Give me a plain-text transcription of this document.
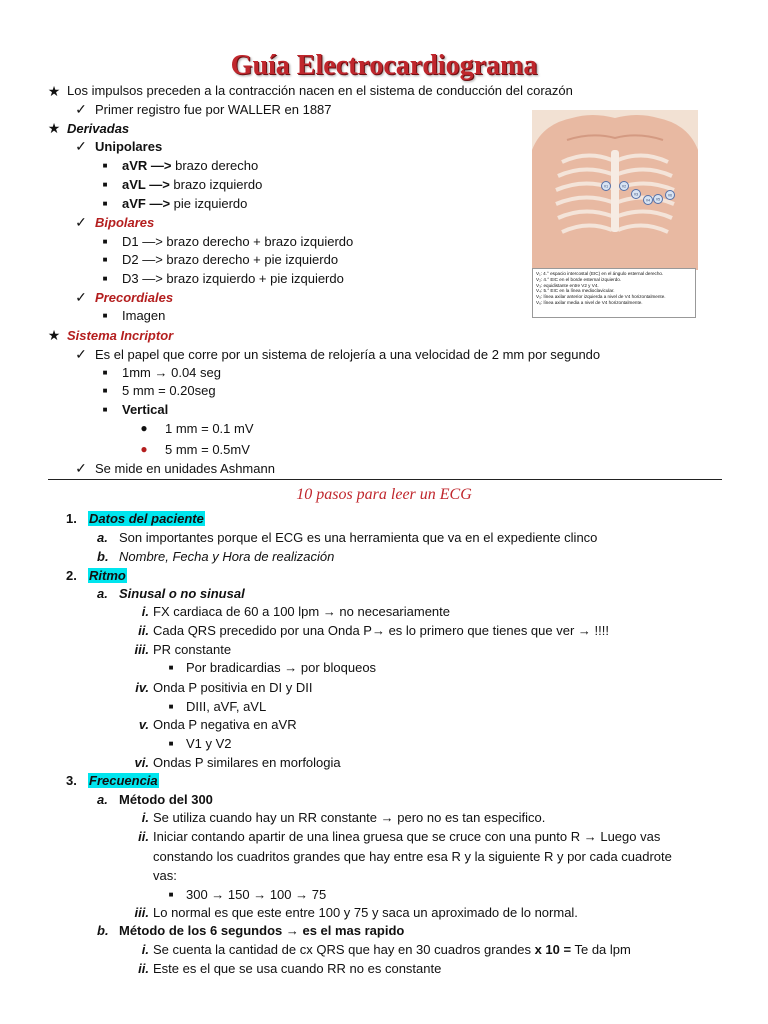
Guía Electrocardiograma
★ Los impulsos preceden a la contracción nacen en el sistema de conducción del corazón
✓ Primer registro fue por WALLER en 1887
★ Derivadas
✓ Unipolares
■	aVR —> brazo derecho
■	aVL —> brazo izquierdo
■	aVF —> pie izquierdo
✓ Bipolares
■	D1 —> brazo derecho + brazo izquierdo
■	D2 —> brazo derecho + pie izquierdo
■	D3 —> brazo izquierdo + pie izquierdo
✓ Precordiales
■	Imagen
★ Sistema Incriptor
✓ Es el papel que corre por un sistema de relojería a una velocidad de 2 mm por segundo
■	1mm → 0.04 seg
■	5 mm = 0.20seg
■	Vertical
●	1 mm = 0.1 mV
●	5 mm = 0.5mV
✓ Se mide en unidades Ashmann
V1	V2
V3
V4 V5
V6
V₁: 4.° espacio intercostal (EIC) en el ángulo esternal derecho.
V₂: 4.° EIC en el borde esternal izquierdo.
V₃: equidistante entre V2 y V4.
V₄: 5.° EIC en la línea medioclavicular.
V₅: línea axilar anterior izquierda a nivel de V4 horizontalmente.
V₆: línea axilar media a nivel de V4 horizontalmente.
10 pasos para leer un ECG
1. Datos del paciente
a. Son importantes porque el ECG es una herramienta que va en el expediente clinco
b. Nombre, Fecha y Hora de realización
2. Ritmo
a. Sinusal o no sinusal
i. FX cardiaca de 60 a 100 lpm → no necesariamente
ii. Cada QRS precedido por una Onda P→ es lo primero que tienes que ver → !!!!
iii. PR constante
■ Por bradicardias → por bloqueos
iv. Onda P positivia en DI y DII
■ DIII, aVF, aVL
v. Onda P negativa en aVR
■ V1 y V2
vi. Ondas P similares en morfologia
3. Frecuencia
a. Método del 300
i. Se utiliza cuando hay un RR constante → pero no es tan especifico.
ii. Iniciar contando apartir de una linea gruesa que se cruce con una punto R → Luego vas
constando los cuadritos grandes que hay entre esa R y la siguiente R y por cada cuadrote
vas:
■ 300 → 150 → 100 → 75
iii. Lo normal es que este entre 100 y 75 y saca un aproximado de lo normal.
b. Método de los 6 segundos → es el mas rapido
i. Se cuenta la cantidad de cx QRS que hay en 30 cuadros grandes x 10 = Te da lpm
ii. Este es el que se usa cuando RR no es constante
